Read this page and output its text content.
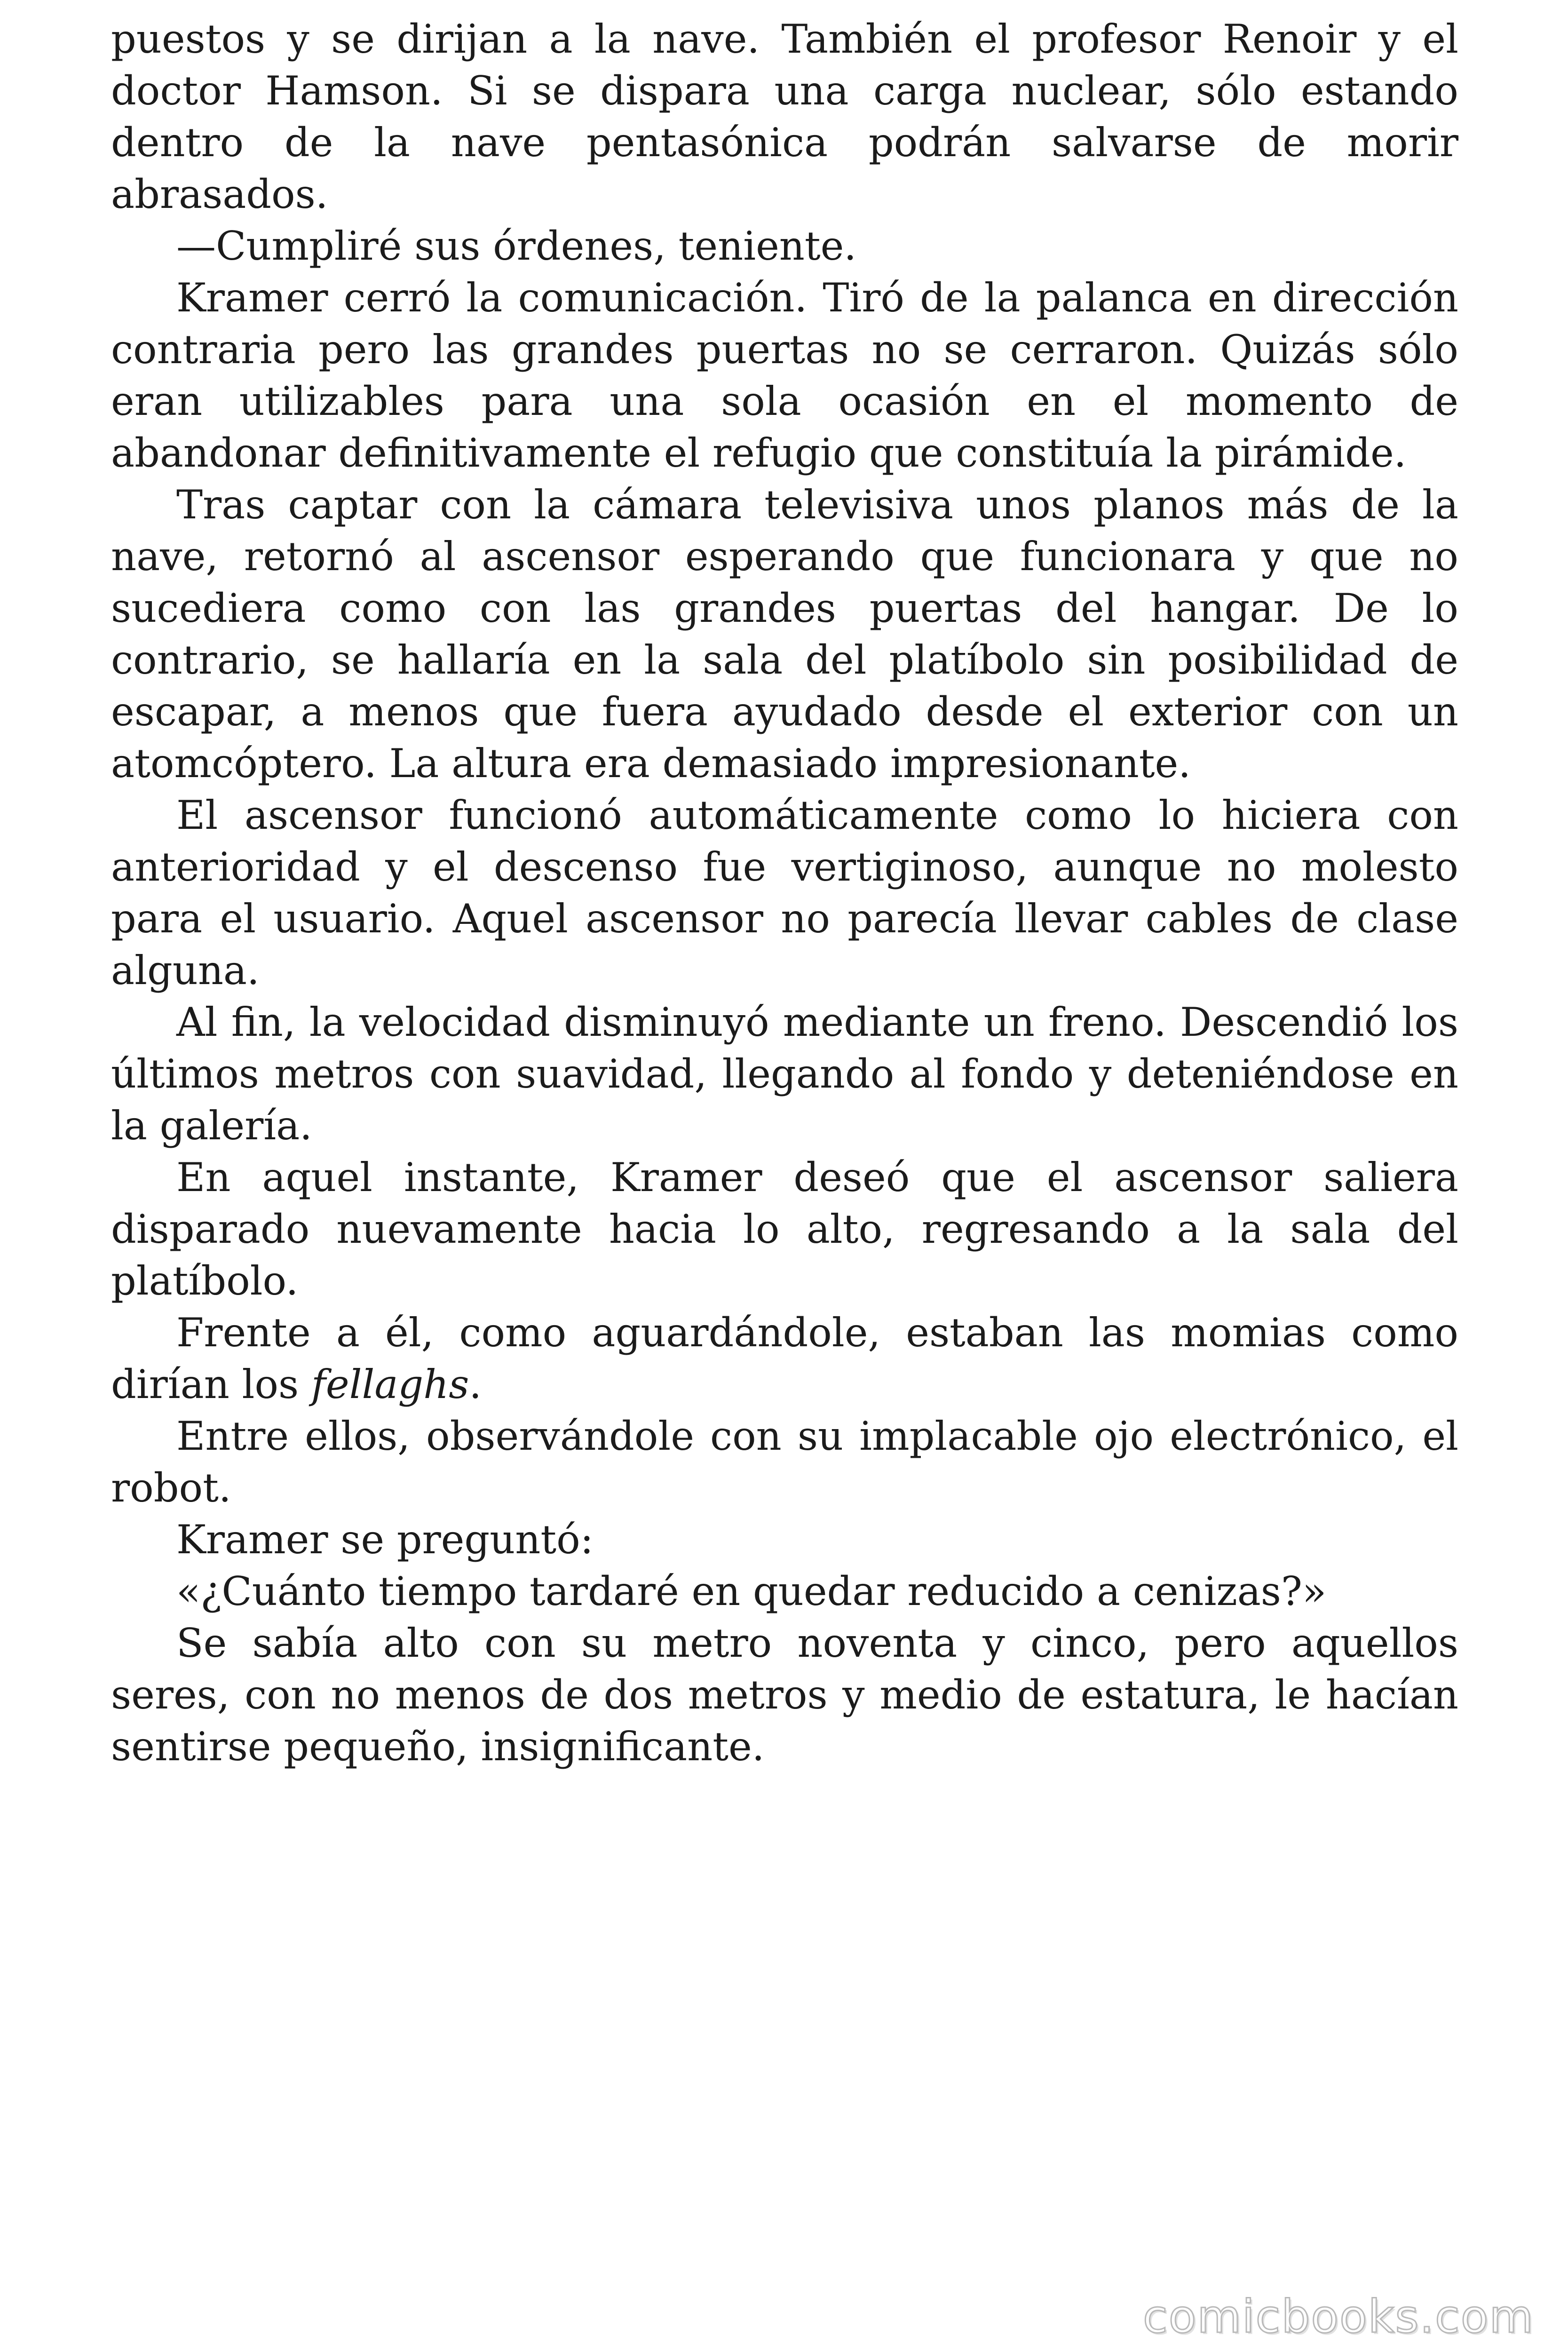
puestos y se dirijan a la nave. También el profesor Renoir y el doctor Hamson. Si se dispara una carga nuclear, sólo estando dentro de la nave pentasónica podrán salvarse de morir abrasados.

—Cumpliré sus órdenes, teniente.

Kramer cerró la comunicación. Tiró de la palanca en dirección contraria pero las grandes puertas no se cerraron. Quizás sólo eran utilizables para una sola ocasión en el momento de abandonar definitivamente el refugio que constituía la pirámide.

Tras captar con la cámara televisiva unos planos más de la nave, retornó al ascensor esperando que funcionara y que no sucediera como con las grandes puertas del hangar. De lo contrario, se hallaría en la sala del platíbolo sin posibilidad de escapar, a menos que fuera ayudado desde el exterior con un atomcóptero. La altura era demasiado impresionante.

El ascensor funcionó automáticamente como lo hiciera con anterioridad y el descenso fue vertiginoso, aunque no molesto para el usuario. Aquel ascensor no parecía llevar cables de clase alguna.

Al fin, la velocidad disminuyó mediante un freno. Descendió los últimos metros con suavidad, llegando al fondo y deteniéndose en la galería.

En aquel instante, Kramer deseó que el ascensor saliera disparado nuevamente hacia lo alto, regresando a la sala del platíbolo.

Frente a él, como aguardándole, estaban las momias como dirían los fellaghs.

Entre ellos, observándole con su implacable ojo electrónico, el robot.

Kramer se preguntó:

«¿Cuánto tiempo tardaré en quedar reducido a cenizas?»

Se sabía alto con su metro noventa y cinco, pero aquellos seres, con no menos de dos metros y medio de estatura, le hacían sentirse pequeño, insignificante.

comicbooks.com
